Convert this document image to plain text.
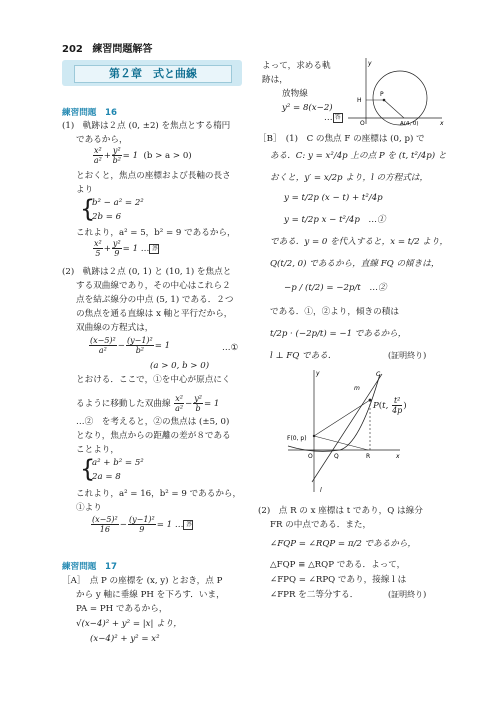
202 練習問題解答
第２章　式と曲線
練習問題　16
(1)　軌跡は２点 (0, ±2) を焦点とする楕円
であるから，
$\frac{\text{x²}}{\text{a²}} + \frac{\text{y²}}{\text{b²}} = 1$  (b > a > 0)
とおくと，焦点の座標および長軸の長さ
より
{
b² − a² = 2²
2b = 6
これより，a² = 5，b² = 9 であるから，
$\frac{\text{x²}}{5} + \frac{\text{y²}}{9} = 1$ … 答
(2)　軌跡は２点 (0, 1) と (10, 1) を焦点と
する双曲線であり，その中心はこれら２
点を結ぶ線分の中点 (5, 1) である．２つ
の焦点を通る直線は x 軸と平行だから，
双曲線の方程式は，
$\frac{\text{(x−5)²}}{\text{a²}} - \frac{\text{(y−1)²}}{\text{b²}} = 1$	…①
(a > 0, b > 0)
とおける．ここで，①を中心が原点にく
るように移動した双曲線 $\frac{\text{x²}}{\text{a²}} - \frac{\text{y²}}{b} = 1$
…②　を考えると，②の焦点は (±5, 0)
となり，焦点からの距離の差が８である
ことより，
{
a² + b² = 5²
2a = 8
これより，a² = 16，b² = 9 であるから，
①より
$\frac{\text{(x−5)²}}{16} - \frac{\text{(y−1)²}}{9} = 1$ … 答
練習問題　17
［A］　点 P の座標を (x, y) とおき，点 P
から y 軸に垂線 PH を下ろす．いま，
PA = PH であるから，
√(x−4)² + y² = |x| より，
(x−4)² + y² = x²
よって，求める軌
跡は，
放物線
y² = 8(x−2)
… 答
y
x
H
P
O	A(4, 0)
［B］　(1)　C の焦点 F の座標は (0, p) で
ある．C: y = x²/4p 上の点 P を (t, t²/4p) と
おくと，y′ = x/2p より，l の方程式は，
y = t/2p (x − t) + t²/4p
y = t/2p x − t²/4p　…①
である．y = 0 を代入すると，x = t/2 より，
Q(t/2, 0) であるから，直線 FQ の傾きは，
−p / (t/2) = −2p/t　…②
である．①，②より，傾きの積は
t/2p · (−2p/t) = −1 であるから，
l ⊥ FQ である．	(証明終り)
y
x
C
m
F(0, p)
O	Q	R
l
P(t, $\frac{\text{t²}}{4p}$ )
(2)　点 R の x 座標は t であり，Q は線分
FR の中点である．また，
∠FQP = ∠RQP = π/2 であるから，
△FQP ≡ △RQP である．よって，
∠FPQ = ∠RPQ であり，接線 l は
∠FPR を二等分する．	(証明終り)
